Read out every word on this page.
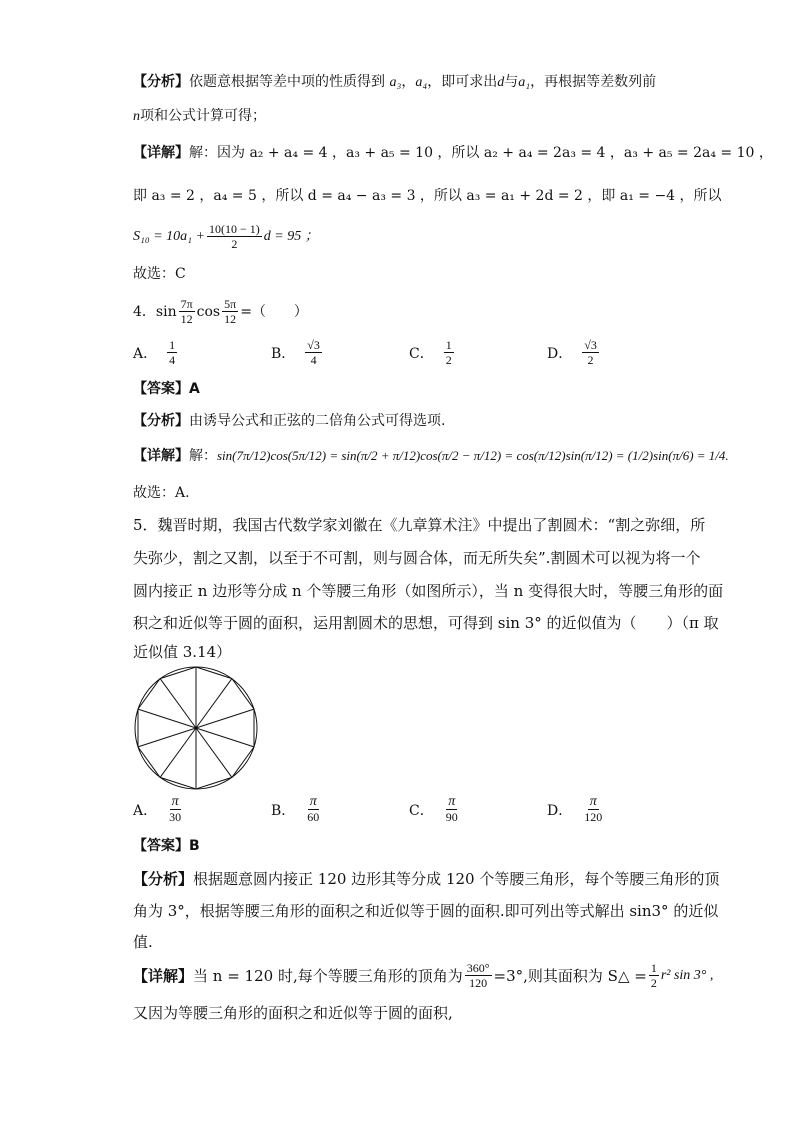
【分析】依题意根据等差中项的性质得到 a₃，a₄，即可求出d与a₁，再根据等差数列前
n项和公式计算可得；
【详解】解：因为 a₂ + a₄ = 4 ，a₃ + a₅ = 10 ，所以 a₂ + a₄ = 2a₃ = 4 ，a₃ + a₅ = 2a₄ = 10 ，
即 a₃ = 2 ，a₄ = 5 ，所以 d = a₄ − a₃ = 3 ，所以 a₃ = a₁ + 2d = 2 ，即 a₁ = −4 ，所以
$S_{10} = 10a_1 + \frac{10(10 - 1)}{2}$ d = 95 ；
故选：C
4．$\sin \frac{7\pi}{12}$ $\cos \frac{5\pi}{12}$ =（　　）
A． $\frac{1}{4}$	B． $\frac{√3}{4}$	C． $\frac{1}{2}$	D． $\frac{√3}{2}$
【答案】A
【分析】由诱导公式和正弦的二倍角公式可得选项.
【详解】解：sin(7π/12)cos(5π/12) = sin(π/2 + π/12)cos(π/2 − π/12) = cos(π/12)sin(π/12) = (1/2)sin(π/6) = 1/4.
故选：A.
5．魏晋时期，我国古代数学家刘徽在《九章算术注》中提出了割圆术：“割之弥细，所
失弥少，割之又割，以至于不可割，则与圆合体，而无所失矣”.割圆术可以视为将一个
圆内接正 n 边形等分成 n 个等腰三角形（如图所示），当 n 变得很大时，等腰三角形的面
积之和近似等于圆的面积，运用割圆术的思想，可得到 sin 3° 的近似值为（　　）（π 取
近似值 3.14）
A． $\frac{\pi}{30}$	B． $\frac{\pi}{60}$	C． $\frac{\pi}{90}$	D． $\frac{\pi}{120}$
【答案】B
【分析】根据题意圆内接正 120 边形其等分成 120 个等腰三角形，每个等腰三角形的顶
角为 3°，根据等腰三角形的面积之和近似等于圆的面积.即可列出等式解出 sin3° 的近似
值.
【详解】 当 n = 120 时,每个等腰三角形的顶角为 $\frac{360^\circ}{120} =3^\circ$,则其面积为 S△ = $\frac{1}{2} r^2$ sin 3° ,
又因为等腰三角形的面积之和近似等于圆的面积,
